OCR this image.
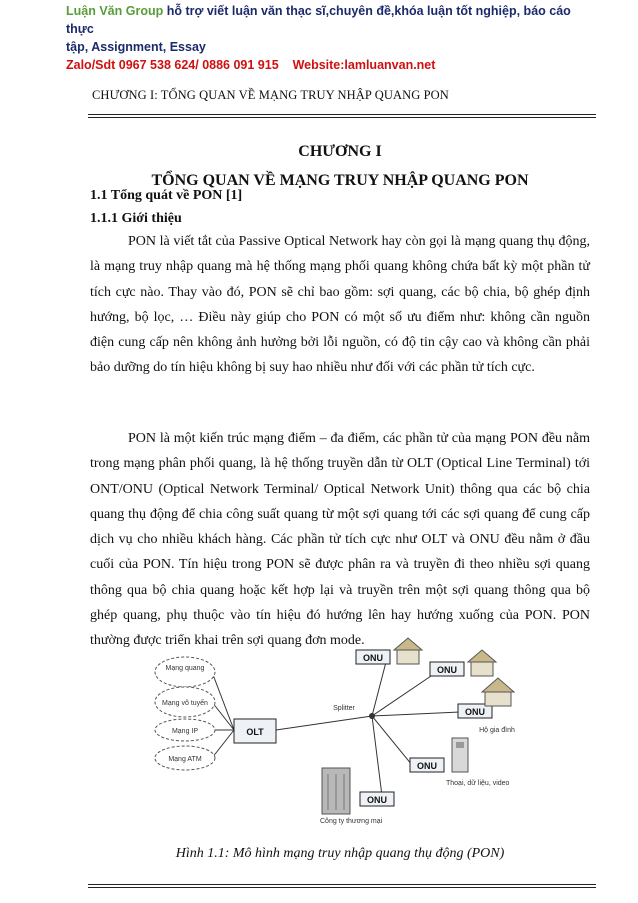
Luận Văn Group hỗ trợ viết luận văn thạc sĩ,chuyên đề,khóa luận tốt nghiệp, báo cáo thực
tập, Assignment, Essay
Zalo/Sdt 0967 538 624/ 0886 091 915 Website:lamluanvan.net
CHƯƠNG I: TỔNG QUAN VỀ MẠNG TRUY NHẬP QUANG PON
CHƯƠNG I
TỔNG QUAN VỀ MẠNG TRUY NHẬP QUANG PON
1.1 Tổng quát về PON [1]
1.1.1 Giới thiệu
PON là viết tắt của Passive Optical Network hay còn gọi là mạng quang thụ động, là mạng truy nhập quang mà hệ thống mạng phối quang không chứa bất kỳ một phần tử tích cực nào. Thay vào đó, PON sẽ chỉ bao gồm: sợi quang, các bộ chia, bộ ghép định hướng, bộ lọc, … Điều này giúp cho PON có một số ưu điểm như: không cần nguồn điện cung cấp nên không ảnh hưởng bởi lỗi nguồn, có độ tin cậy cao và không cần phải bảo dưỡng do tín hiệu không bị suy hao nhiều như đối với các phần tử tích cực.
PON là một kiến trúc mạng điểm – đa điểm, các phần tử của mạng PON đều nằm trong mạng phân phối quang, là hệ thống truyền dẫn từ OLT (Optical Line Terminal) tới ONT/ONU (Optical Network Terminal/ Optical Network Unit) thông qua các bộ chia quang thụ động để chia công suất quang từ một sợi quang tới các sợi quang để cung cấp dịch vụ cho nhiều khách hàng. Các phần tử tích cực như OLT và ONU đều nằm ở đầu cuối của PON. Tín hiệu trong PON sẽ được phân ra và truyền đi theo nhiều sợi quang thông qua bộ chia quang hoặc kết hợp lại và truyền trên một sợi quang thông qua bộ ghép quang, phụ thuộc vào tín hiệu đó hướng lên hay hướng xuống của PON. PON thường được triển khai trên sợi quang đơn mode.
Mạng quang
Mạng vô tuyến
Mạng IP
Mạng ATM
OLT
Splitter
ONU
ONU
ONU
Hộ gia đình
ONU
Thoại, dữ liệu, video
ONU
Công ty thương mại
Hình 1.1: Mô hình mạng truy nhập quang thụ động (PON)
